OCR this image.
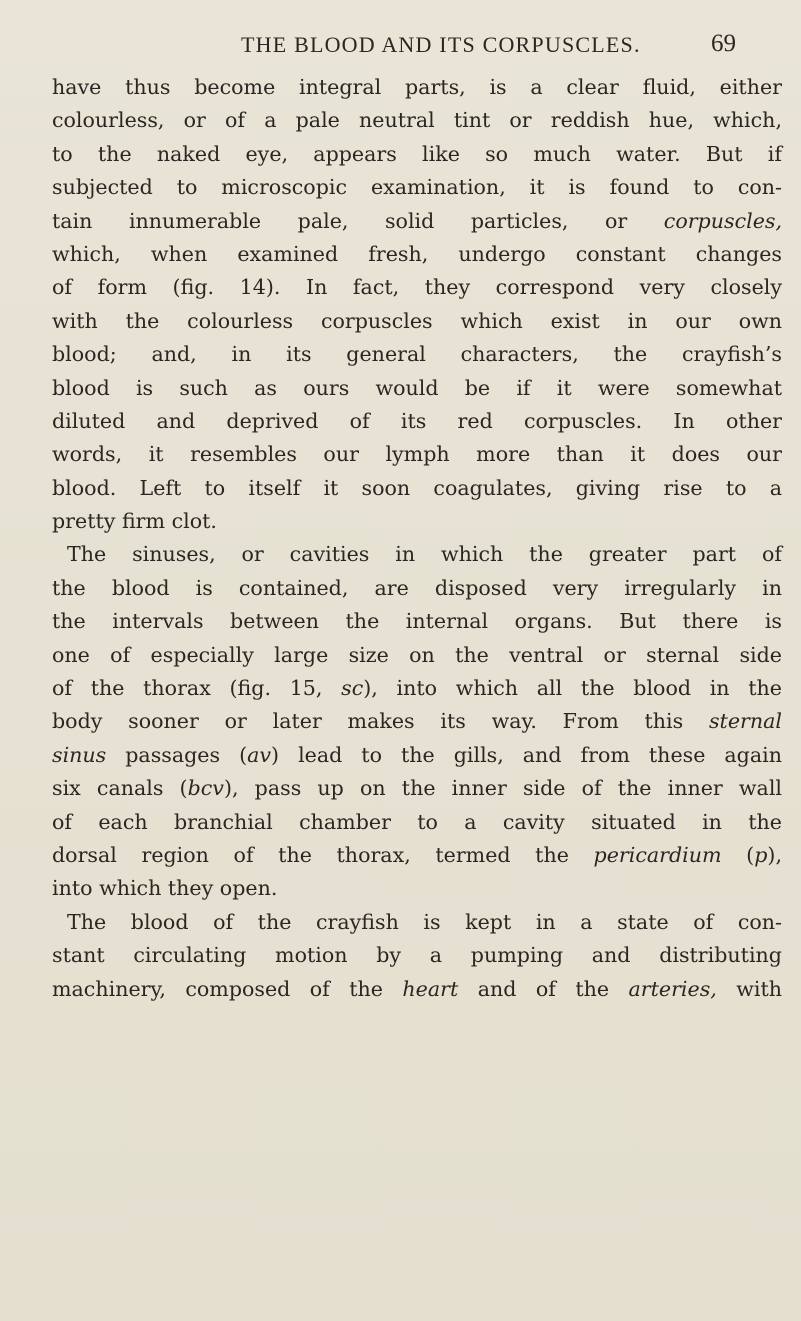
THE BLOOD AND ITS CORPUSCLES.	69
have thus become integral parts, is a clear fluid, either
colourless, or of a pale neutral tint or reddish hue, which,
to the naked eye, appears like so much water. But if
subjected to microscopic examination, it is found to con-
tain innumerable pale, solid particles, or corpuscles,
which, when examined fresh, undergo constant changes
of form (fig. 14). In fact, they correspond very closely
with the colourless corpuscles which exist in our own
blood; and, in its general characters, the crayfish’s
blood is such as ours would be if it were somewhat
diluted and deprived of its red corpuscles. In other
words, it resembles our lymph more than it does our
blood. Left to itself it soon coagulates, giving rise to a
pretty firm clot.
The sinuses, or cavities in which the greater part of
the blood is contained, are disposed very irregularly in
the intervals between the internal organs. But there is
one of especially large size on the ventral or sternal side
of the thorax (fig. 15, sc), into which all the blood in the
body sooner or later makes its way. From this sternal
sinus passages (av) lead to the gills, and from these again
six canals (bcv), pass up on the inner side of the inner wall
of each branchial chamber to a cavity situated in the
dorsal region of the thorax, termed the pericardium (p),
into which they open.
The blood of the crayfish is kept in a state of con-
stant circulating motion by a pumping and distributing
machinery, composed of the heart and of the arteries, with
